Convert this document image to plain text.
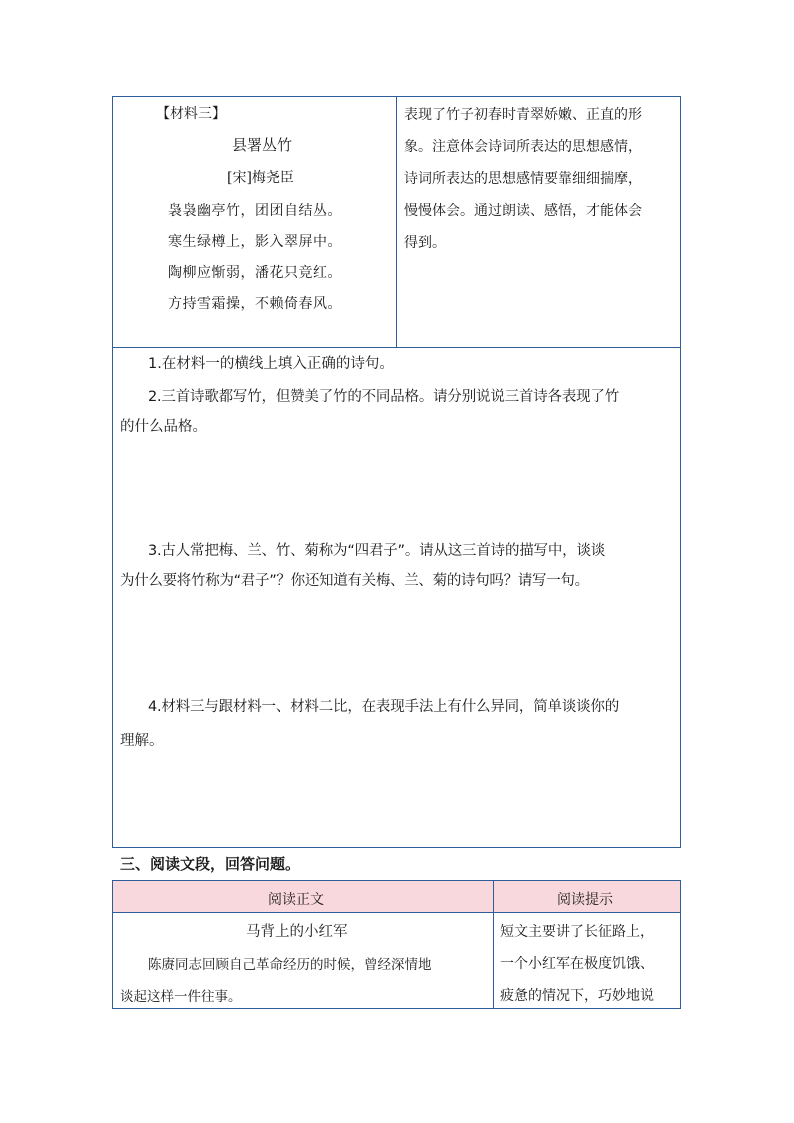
【材料三】
县署丛竹
[宋]梅尧臣
袅袅幽亭竹，团团自结丛。
寒生绿樽上，影入翠屏中。
陶柳应惭弱，潘花只竞红。
方持雪霜操，不赖倚春风。
表现了竹子初春时青翠娇嫩、正直的形
象。注意体会诗词所表达的思想感情，
诗词所表达的思想感情要靠细细揣摩，
慢慢体会。通过朗读、感悟，才能体会
得到。
1.在材料一的横线上填入正确的诗句。
2.三首诗歌都写竹，但赞美了竹的不同品格。请分别说说三首诗各表现了竹
的什么品格。
3.古人常把梅、兰、竹、菊称为“四君子”。请从这三首诗的描写中，谈谈
为什么要将竹称为“君子”？你还知道有关梅、兰、菊的诗句吗？请写一句。
4.材料三与跟材料一、材料二比，在表现手法上有什么异同，简单谈谈你的
理解。
三、阅读文段，回答问题。
阅读正文	阅读提示
马背上的小红军
陈赓同志回顾自己革命经历的时候，曾经深情地
谈起这样一件往事。
短文主要讲了长征路上，
一个小红军在极度饥饿、
疲惫的情况下，巧妙地说
